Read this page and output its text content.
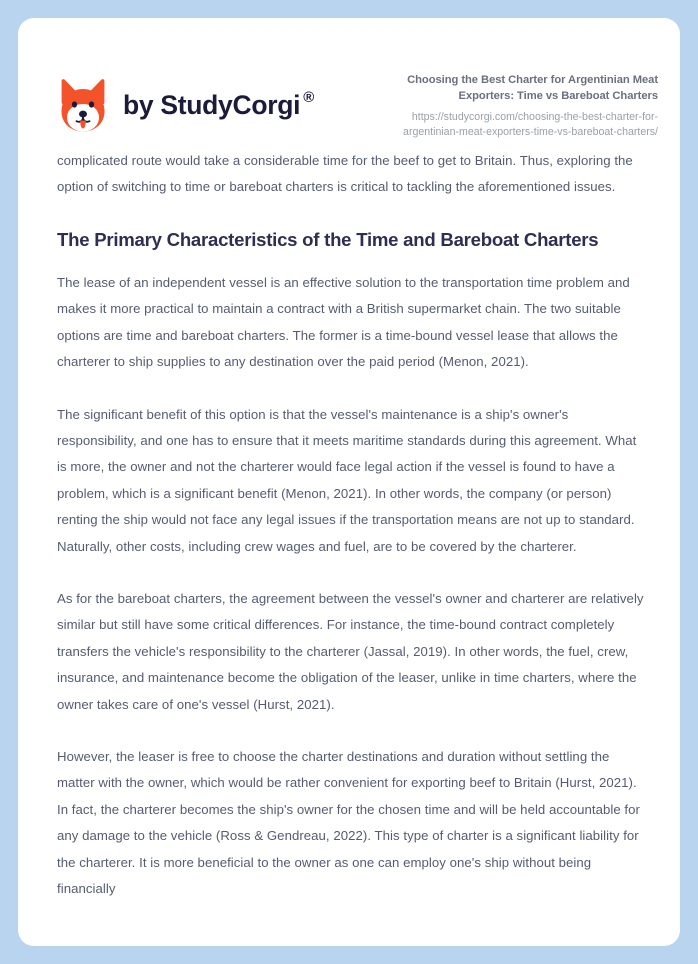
by StudyCorgi ®
Choosing the Best Charter for Argentinian Meat Exporters: Time vs Bareboat Charters
https://studycorgi.com/choosing-the-best-charter-for-argentinian-meat-exporters-time-vs-bareboat-charters/

complicated route would take a considerable time for the beef to get to Britain. Thus, exploring the option of switching to time or bareboat charters is critical to tackling the aforementioned issues.

The Primary Characteristics of the Time and Bareboat Charters

The lease of an independent vessel is an effective solution to the transportation time problem and makes it more practical to maintain a contract with a British supermarket chain. The two suitable options are time and bareboat charters. The former is a time-bound vessel lease that allows the charterer to ship supplies to any destination over the paid period (Menon, 2021).

The significant benefit of this option is that the vessel's maintenance is a ship's owner's responsibility, and one has to ensure that it meets maritime standards during this agreement. What is more, the owner and not the charterer would face legal action if the vessel is found to have a problem, which is a significant benefit (Menon, 2021). In other words, the company (or person) renting the ship would not face any legal issues if the transportation means are not up to standard. Naturally, other costs, including crew wages and fuel, are to be covered by the charterer.

As for the bareboat charters, the agreement between the vessel's owner and charterer are relatively similar but still have some critical differences. For instance, the time-bound contract completely transfers the vehicle's responsibility to the charterer (Jassal, 2019). In other words, the fuel, crew, insurance, and maintenance become the obligation of the leaser, unlike in time charters, where the owner takes care of one's vessel (Hurst, 2021).

However, the leaser is free to choose the charter destinations and duration without settling the matter with the owner, which would be rather convenient for exporting beef to Britain (Hurst, 2021). In fact, the charterer becomes the ship's owner for the chosen time and will be held accountable for any damage to the vehicle (Ross & Gendreau, 2022). This type of charter is a significant liability for the charterer. It is more beneficial to the owner as one can employ one's ship without being financially
